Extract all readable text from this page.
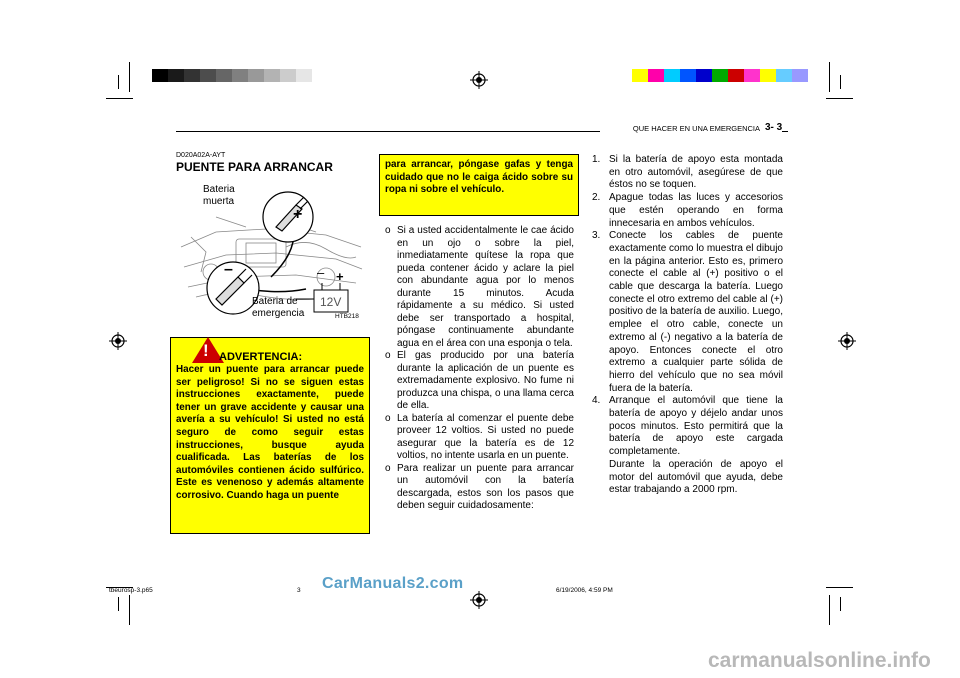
QUE HACER EN UNA EMERGENCIA 3- 3
D020A02A-AYT
PUENTE PARA ARRANCAR
Bateria muerta
Bateria de emergencia
12V
–
+
– +
HTB218
! ADVERTENCIA:
Hacer un puente para arrancar puede ser peligroso! Si no se siguen estas instrucciones exactamente, puede tener un grave accidente y causar una avería a su vehículo! Si usted no está seguro de como seguir estas instrucciones, busque ayuda cualificada. Las baterías de los automóviles contienen ácido sulfúrico. Este es venenoso y además altamente corrosivo. Cuando haga un puente
para arrancar, póngase gafas y tenga cuidado que no le caiga ácido sobre su ropa ni sobre el vehículo.
o Si a usted accidentalmente le cae ácido en un ojo o sobre la piel, inmediatamente quítese la ropa que pueda contener ácido y aclare la piel con abundante agua por lo menos durante 15 minutos. Acuda rápidamente a su médico. Si usted debe ser transportado a hospital, póngase continuamente abundante agua en el área con una esponja o tela.
o El gas producido por una batería durante la aplicación de un puente es extremadamente explosivo. No fume ni produzca una chispa, o una llama cerca de ella.
o La batería al comenzar el puente debe proveer 12 voltios. Si usted no puede asegurar que la batería es de 12 voltios, no intente usarla en un puente.
o Para realizar un puente para arrancar un automóvil con la batería descargada, estos son los pasos que deben seguir cuidadosamente:
1. Si la batería de apoyo esta montada en otro automóvil, asegúrese de que éstos no se toquen.
2. Apague todas las luces y accesorios que estén operando en forma innecesaria en ambos vehículos.
3. Conecte los cables de puente exactamente como lo muestra el dibujo en la página anterior. Esto es, primero conecte el cable al (+) positivo o el cable que descarga la batería. Luego conecte el otro extremo del cable al (+) positivo de la batería de auxilio. Luego, emplee el otro cable, conecte un extremo al (-) negativo a la batería de apoyo. Entonces conecte el otro extremo a cualquier parte sólida de hierro del vehículo que no sea móvil fuera de la batería.
4. Arranque el automóvil que tiene la batería de apoyo y déjelo andar unos pocos minutos. Esto permitirá que la batería de apoyo este cargada completamente.
Durante la operación de apoyo el motor del automóvil que ayuda, debe estar trabajando a 2000 rpm.
tbeurosp-3.p65	3	6/19/2006, 4:59 PM
CarManuals2.com
carmanualsonline.info
